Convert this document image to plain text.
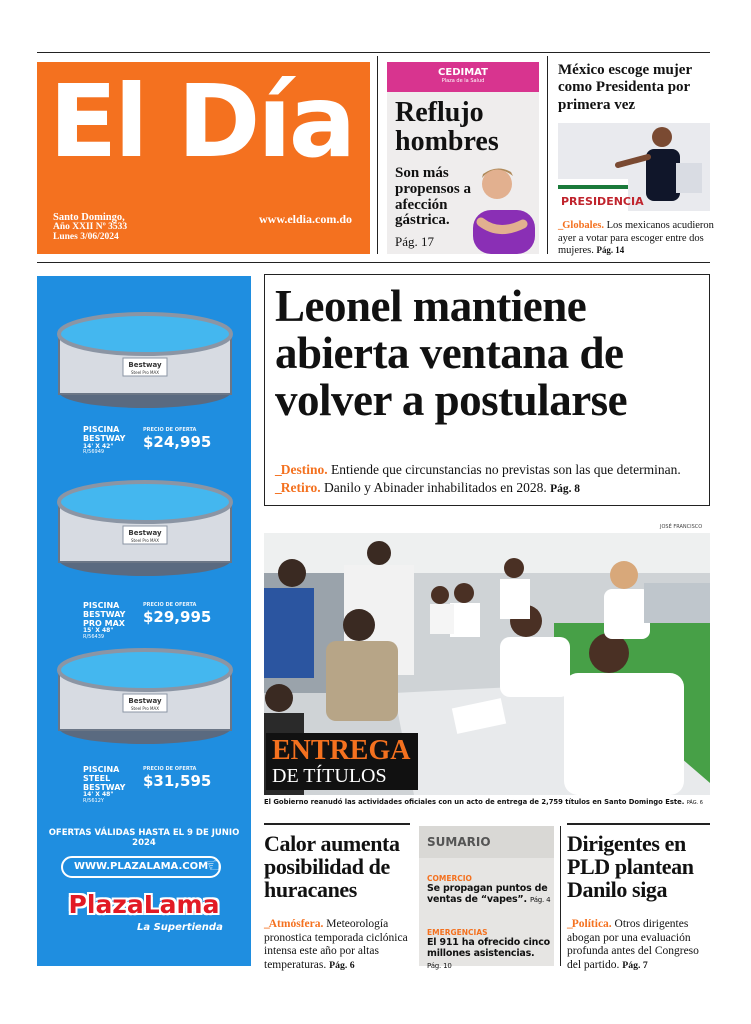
El Día
Santo Domingo,
Año XXII Nº 3533
Lunes 3/06/2024
www.eldia.com.do
CEDIMAT
Plaza de la Salud
Reflujo hombres
Son más propensos a afección gástrica.
Pág. 17
México escoge mujer como Presidenta por primera vez
PRESIDENCIA
_Globales. Los mexicanos acudieron ayer a votar para escoger entre dos mujeres. Pág. 14
Bestway
Steel Pro MAX
PISCINA BESTWAY
14' X 42"
R/56949
PRECIO DE OFERTA
$24,995
Bestway
Steel Pro MAX
PISCINA BESTWAY PRO MAX
15' X 48"
R/56439
PRECIO DE OFERTA
$29,995
Bestway
Steel Pro MAX
PISCINA STEEL BESTWAY
14' X 48"
R/5612Y
PRECIO DE OFERTA
$31,595
OFERTAS VÁLIDAS HASTA EL 9 DE JUNIO 2024
WWW.PLAZALAMA.COM
☜
PlazaLama
La Supertienda
Leonel mantiene abierta ventana de volver a postularse
_Destino. Entiende que circunstancias no previstas son las que determinan. _Retiro. Danilo y Abinader inhabilitados en 2028. Pág. 8
JOSÉ FRANCISCO
ENTREGA
DE TÍTULOS
El Gobierno reanudó las actividades oficiales con un acto de entrega de 2,759 títulos en Santo Domingo Este. PÁG. 6
Calor aumenta posibilidad de huracanes
_Atmósfera. Meteorología pronostica temporada ciclónica intensa este año por altas temperaturas. Pág. 6
SUMARIO
COMERCIO
Se propagan puntos de ventas de “vapes”. Pág. 4
EMERGENCIAS
El 911 ha ofrecido cinco millones asistencias. Pág. 10
Dirigentes en PLD plantean Danilo siga
_Política. Otros dirigentes abogan por una evaluación profunda antes del Congreso del partido. Pág. 7
